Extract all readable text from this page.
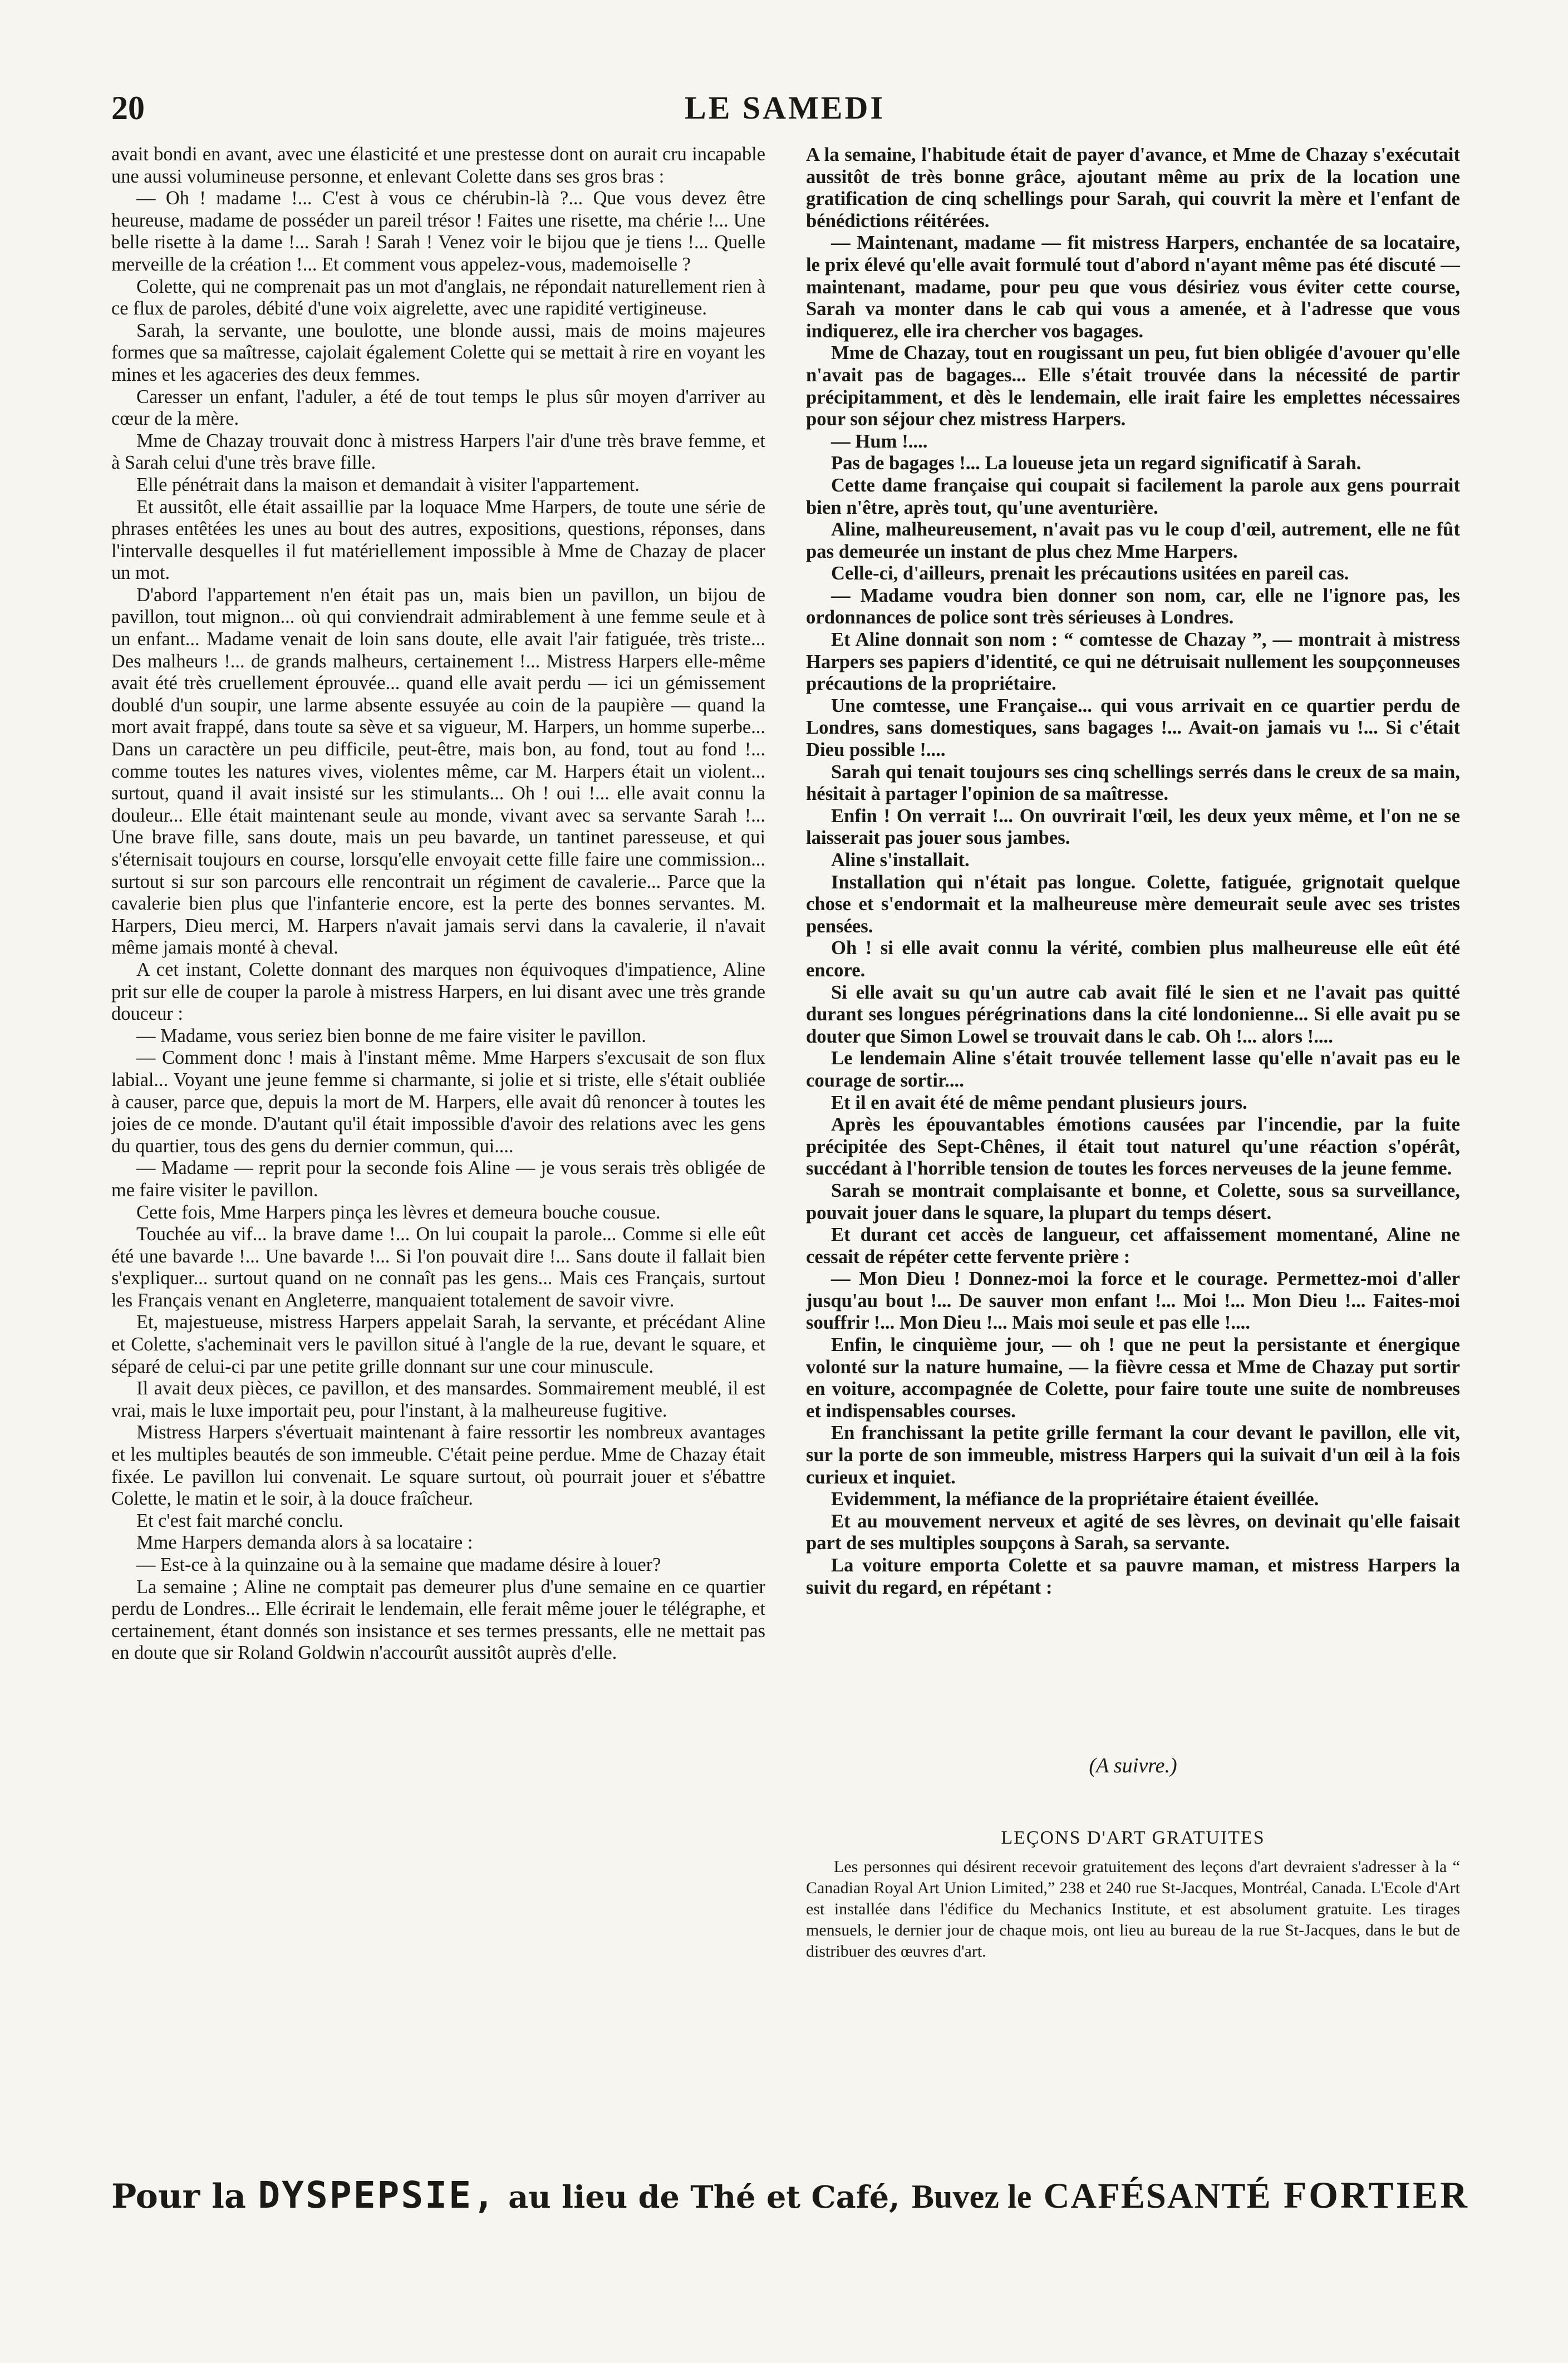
20	LE SAMEDI

avait bondi en avant, avec une élasticité et une prestesse dont on aurait cru incapable une aussi volumineuse personne, et enlevant Colette dans ses gros bras :

— Oh ! madame !... C'est à vous ce chérubin-là ?... Que vous devez être heureuse, madame de posséder un pareil trésor ! Faites une risette, ma chérie !... Une belle risette à la dame !... Sarah ! Sarah ! Venez voir le bijou que je tiens !... Quelle merveille de la création !... Et comment vous appelez-vous, mademoiselle ?

Colette, qui ne comprenait pas un mot d'anglais, ne répondait naturellement rien à ce flux de paroles, débité d'une voix aigrelette, avec une rapidité vertigineuse.

Sarah, la servante, une boulotte, une blonde aussi, mais de moins majeures formes que sa maîtresse, cajolait également Colette qui se mettait à rire en voyant les mines et les agaceries des deux femmes.

Caresser un enfant, l'aduler, a été de tout temps le plus sûr moyen d'arriver au cœur de la mère.

Mme de Chazay trouvait donc à mistress Harpers l'air d'une très brave femme, et à Sarah celui d'une très brave fille.

Elle pénétrait dans la maison et demandait à visiter l'appartement.

Et aussitôt, elle était assaillie par la loquace Mme Harpers, de toute une série de phrases entêtées les unes au bout des autres, expositions, questions, réponses, dans l'intervalle desquelles il fut matériellement impossible à Mme de Chazay de placer un mot.

D'abord l'appartement n'en était pas un, mais bien un pavillon, un bijou de pavillon, tout mignon... où qui conviendrait admirablement à une femme seule et à un enfant... Madame venait de loin sans doute, elle avait l'air fatiguée, très triste... Des malheurs !... de grands malheurs, certainement !... Mistress Harpers elle-même avait été très cruellement éprouvée... quand elle avait perdu — ici un gémissement doublé d'un soupir, une larme absente essuyée au coin de la paupière — quand la mort avait frappé, dans toute sa sève et sa vigueur, M. Harpers, un homme superbe... Dans un caractère un peu difficile, peut-être, mais bon, au fond, tout au fond !... comme toutes les natures vives, violentes même, car M. Harpers était un violent... surtout, quand il avait insisté sur les stimulants... Oh ! oui !... elle avait connu la douleur... Elle était maintenant seule au monde, vivant avec sa servante Sarah !... Une brave fille, sans doute, mais un peu bavarde, un tantinet paresseuse, et qui s'éternisait toujours en course, lorsqu'elle envoyait cette fille faire une commission... surtout si sur son parcours elle rencontrait un régiment de cavalerie... Parce que la cavalerie bien plus que l'infanterie encore, est la perte des bonnes servantes. M. Harpers, Dieu merci, M. Harpers n'avait jamais servi dans la cavalerie, il n'avait même jamais monté à cheval.

A cet instant, Colette donnant des marques non équivoques d'impatience, Aline prit sur elle de couper la parole à mistress Harpers, en lui disant avec une très grande douceur :

— Madame, vous seriez bien bonne de me faire visiter le pavillon.

— Comment donc ! mais à l'instant même. Mme Harpers s'excusait de son flux labial... Voyant une jeune femme si charmante, si jolie et si triste, elle s'était oubliée à causer, parce que, depuis la mort de M. Harpers, elle avait dû renoncer à toutes les joies de ce monde. D'autant qu'il était impossible d'avoir des relations avec les gens du quartier, tous des gens du dernier commun, qui....

— Madame — reprit pour la seconde fois Aline — je vous serais très obligée de me faire visiter le pavillon.

Cette fois, Mme Harpers pinça les lèvres et demeura bouche cousue.

Touchée au vif... la brave dame !... On lui coupait la parole... Comme si elle eût été une bavarde !... Une bavarde !... Si l'on pouvait dire !... Sans doute il fallait bien s'expliquer... surtout quand on ne connaît pas les gens... Mais ces Français, surtout les Français venant en Angleterre, manquaient totalement de savoir vivre.

Et, majestueuse, mistress Harpers appelait Sarah, la servante, et précédant Aline et Colette, s'acheminait vers le pavillon situé à l'angle de la rue, devant le square, et séparé de celui-ci par une petite grille donnant sur une cour minuscule.

Il avait deux pièces, ce pavillon, et des mansardes. Sommairement meublé, il est vrai, mais le luxe importait peu, pour l'instant, à la malheureuse fugitive.

Mistress Harpers s'évertuait maintenant à faire ressortir les nombreux avantages et les multiples beautés de son immeuble. C'était peine perdue. Mme de Chazay était fixée. Le pavillon lui convenait. Le square surtout, où pourrait jouer et s'ébattre Colette, le matin et le soir, à la douce fraîcheur.

Et c'est fait marché conclu.

Mme Harpers demanda alors à sa locataire :

— Est-ce à la quinzaine ou à la semaine que madame désire à louer?

La semaine ; Aline ne comptait pas demeurer plus d'une semaine en ce quartier perdu de Londres... Elle écrirait le lendemain, elle ferait même jouer le télégraphe, et certainement, étant donnés son insistance et ses termes pressants, elle ne mettait pas en doute que sir Roland Goldwin n'accourût aussitôt auprès d'elle.

A la semaine, l'habitude était de payer d'avance, et Mme de Chazay s'exécutait aussitôt de très bonne grâce, ajoutant même au prix de la location une gratification de cinq schellings pour Sarah, qui couvrit la mère et l'enfant de bénédictions réitérées.

— Maintenant, madame — fit mistress Harpers, enchantée de sa locataire, le prix élevé qu'elle avait formulé tout d'abord n'ayant même pas été discuté — maintenant, madame, pour peu que vous désiriez vous éviter cette course, Sarah va monter dans le cab qui vous a amenée, et à l'adresse que vous indiquerez, elle ira chercher vos bagages.

Mme de Chazay, tout en rougissant un peu, fut bien obligée d'avouer qu'elle n'avait pas de bagages... Elle s'était trouvée dans la nécessité de partir précipitamment, et dès le lendemain, elle irait faire les emplettes nécessaires pour son séjour chez mistress Harpers.

— Hum !....

Pas de bagages !... La loueuse jeta un regard significatif à Sarah.

Cette dame française qui coupait si facilement la parole aux gens pourrait bien n'être, après tout, qu'une aventurière.

Aline, malheureusement, n'avait pas vu le coup d'œil, autrement, elle ne fût pas demeurée un instant de plus chez Mme Harpers.

Celle-ci, d'ailleurs, prenait les précautions usitées en pareil cas.

— Madame voudra bien donner son nom, car, elle ne l'ignore pas, les ordonnances de police sont très sérieuses à Londres.

Et Aline donnait son nom : “ comtesse de Chazay ”, — montrait à mistress Harpers ses papiers d'identité, ce qui ne détruisait nullement les soupçonneuses précautions de la propriétaire.

Une comtesse, une Française... qui vous arrivait en ce quartier perdu de Londres, sans domestiques, sans bagages !... Avait-on jamais vu !... Si c'était Dieu possible !....

Sarah qui tenait toujours ses cinq schellings serrés dans le creux de sa main, hésitait à partager l'opinion de sa maîtresse.

Enfin ! On verrait !... On ouvrirait l'œil, les deux yeux même, et l'on ne se laisserait pas jouer sous jambes.

Aline s'installait.

Installation qui n'était pas longue. Colette, fatiguée, grignotait quelque chose et s'endormait et la malheureuse mère demeurait seule avec ses tristes pensées.

Oh ! si elle avait connu la vérité, combien plus malheureuse elle eût été encore.

Si elle avait su qu'un autre cab avait filé le sien et ne l'avait pas quitté durant ses longues pérégrinations dans la cité londonienne... Si elle avait pu se douter que Simon Lowel se trouvait dans le cab. Oh !... alors !....

Le lendemain Aline s'était trouvée tellement lasse qu'elle n'avait pas eu le courage de sortir....

Et il en avait été de même pendant plusieurs jours.

Après les épouvantables émotions causées par l'incendie, par la fuite précipitée des Sept-Chênes, il était tout naturel qu'une réaction s'opérât, succédant à l'horrible tension de toutes les forces nerveuses de la jeune femme.

Sarah se montrait complaisante et bonne, et Colette, sous sa surveillance, pouvait jouer dans le square, la plupart du temps désert.

Et durant cet accès de langueur, cet affaissement momentané, Aline ne cessait de répéter cette fervente prière :

— Mon Dieu ! Donnez-moi la force et le courage. Permettez-moi d'aller jusqu'au bout !... De sauver mon enfant !... Moi !... Mon Dieu !... Faites-moi souffrir !... Mon Dieu !... Mais moi seule et pas elle !....

Enfin, le cinquième jour, — oh ! que ne peut la persistante et énergique volonté sur la nature humaine, — la fièvre cessa et Mme de Chazay put sortir en voiture, accompagnée de Colette, pour faire toute une suite de nombreuses et indispensables courses.

En franchissant la petite grille fermant la cour devant le pavillon, elle vit, sur la porte de son immeuble, mistress Harpers qui la suivait d'un œil à la fois curieux et inquiet.

Evidemment, la méfiance de la propriétaire étaient éveillée.

Et au mouvement nerveux et agité de ses lèvres, on devinait qu'elle faisait part de ses multiples soupçons à Sarah, sa servante.

La voiture emporta Colette et sa pauvre maman, et mistress Harpers la suivit du regard, en répétant :

(A suivre.)
LEÇONS D'ART GRATUITES

Les personnes qui désirent recevoir gratuitement des leçons d'art devraient s'adresser à la “ Canadian Royal Art Union Limited,” 238 et 240 rue St-Jacques, Montréal, Canada. L'Ecole d'Art est installée dans l'édifice du Mechanics Institute, et est absolument gratuite. Les tirages mensuels, le dernier jour de chaque mois, ont lieu au bureau de la rue St-Jacques, dans le but de distribuer des œuvres d'art.

Pour la DYSPEPSIE, au lieu de Thé et Café, Buvez le CAFÉSANTÉ FORTIER
